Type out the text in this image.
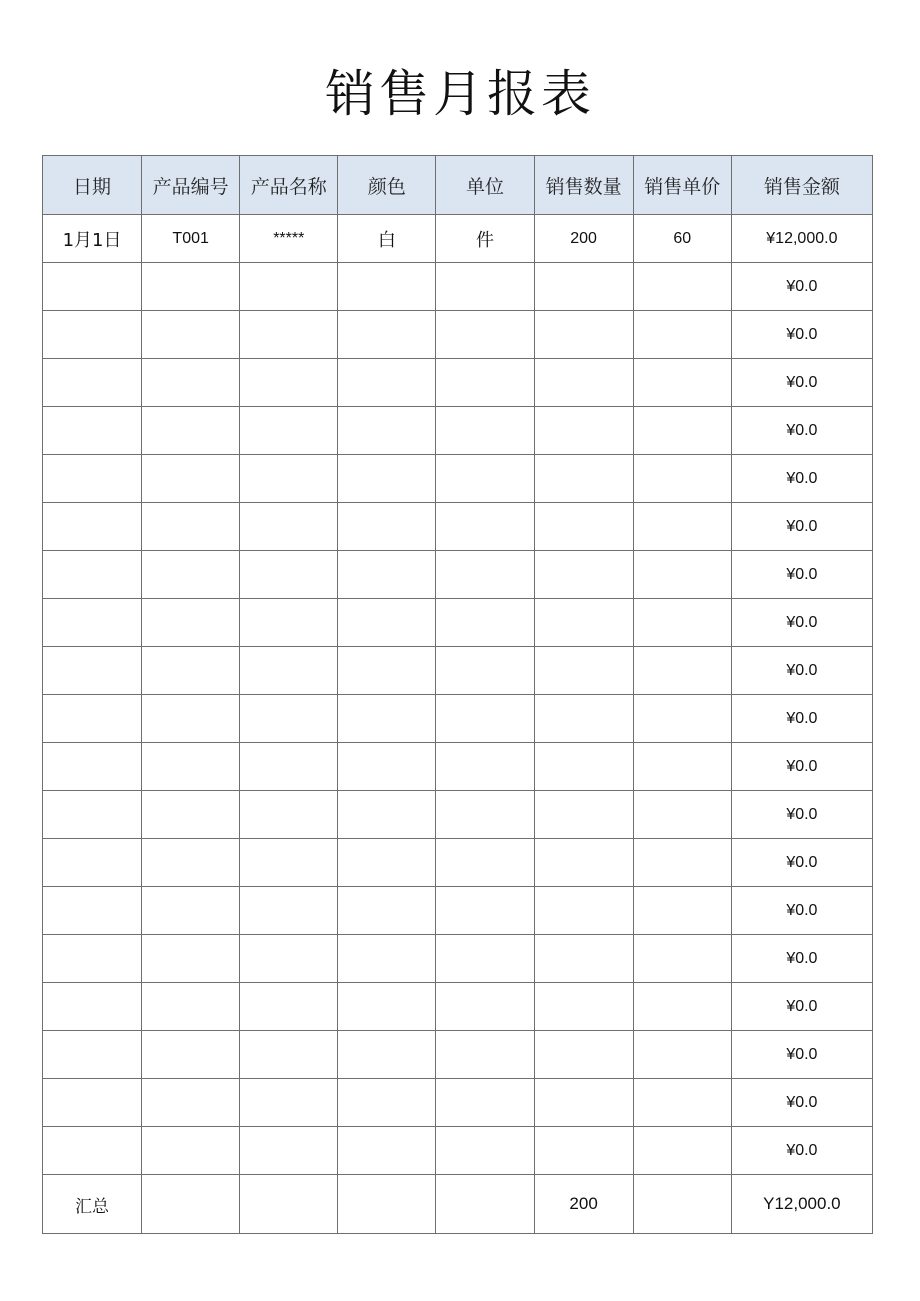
销售月报表
日期	产品编号	产品名称	颜色	单位	销售数量	销售单价	销售金额
1月1日	T001	*****	白	件	200	60	¥12,000.0
							¥0.0
							¥0.0
							¥0.0
							¥0.0
							¥0.0
							¥0.0
							¥0.0
							¥0.0
							¥0.0
							¥0.0
							¥0.0
							¥0.0
							¥0.0
							¥0.0
							¥0.0
							¥0.0
							¥0.0
							¥0.0
							¥0.0
汇总					200		Y12,000.0
